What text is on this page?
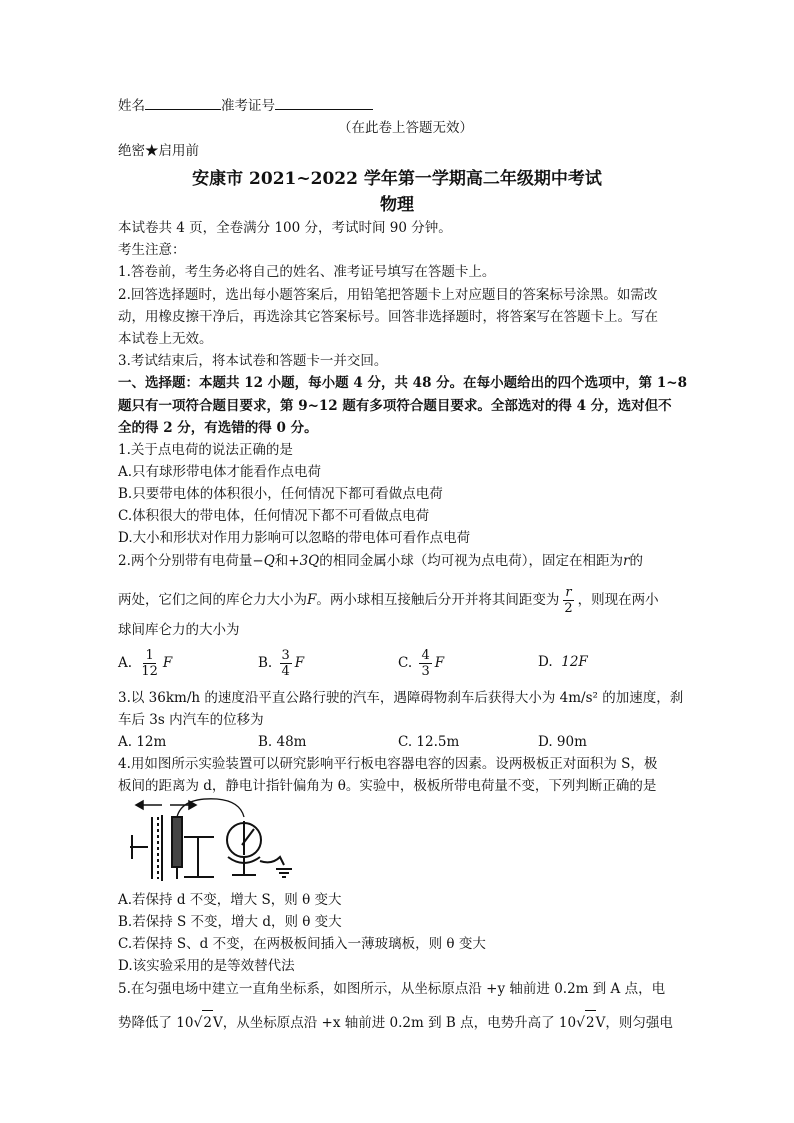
姓名	准考证号
（在此卷上答题无效）
绝密★启用前
安康市 2021~2022 学年第一学期高二年级期中考试
物理
本试卷共 4 页，全卷满分 100 分，考试时间 90 分钟。
考生注意：
1.答卷前，考生务必将自己的姓名、准考证号填写在答题卡上。
2.回答选择题时，选出每小题答案后，用铅笔把答题卡上对应题目的答案标号涂黑。如需改
动，用橡皮擦干净后，再选涂其它答案标号。回答非选择题时，将答案写在答题卡上。写在
本试卷上无效。
3.考试结束后，将本试卷和答题卡一并交回。
一、选择题：本题共 12 小题，每小题 4 分，共 48 分。在每小题给出的四个选项中，第 1~8
题只有一项符合题目要求，第 9~12 题有多项符合题目要求。全部选对的得 4 分，选对但不
全的得 2 分，有选错的得 0 分。
1.关于点电荷的说法正确的是
A.只有球形带电体才能看作点电荷
B.只要带电体的体积很小，任何情况下都可看做点电荷
C.体积很大的带电体，任何情况下都不可看做点电荷
D.大小和形状对作用力影响可以忽略的带电体可看作点电荷
2.两个分别带有电荷量−Q和+3Q的相同金属小球（均可视为点电荷），固定在相距为r的
两处，它们之间的库仑力大小为F。两小球相互接触后分开并将其间距变为 $\frac{r}{2}$ ，则现在两小
球间库仑力的大小为
A. $\frac{1}{12}$ F	B. $\frac{3}{4}$ F	C. $\frac{4}{3}$ F	D. 12F
3.以 36km/h 的速度沿平直公路行驶的汽车，遇障碍物刹车后获得大小为 4m/s² 的加速度，刹
车后 3s 内汽车的位移为
A. 12m	B. 48m	C. 12.5m	D. 90m
4.用如图所示实验装置可以研究影响平行板电容器电容的因素。设两极板正对面积为 S，极
板间的距离为 d，静电计指针偏角为 θ。实验中，极板所带电荷量不变，下列判断正确的是
A.若保持 d 不变，增大 S，则 θ 变大
B.若保持 S 不变，增大 d，则 θ 变大
C.若保持 S、d 不变，在两极板间插入一薄玻璃板，则 θ 变大
D.该实验采用的是等效替代法
5.在匀强电场中建立一直角坐标系，如图所示，从坐标原点沿 +y 轴前进 0.2m 到 A 点，电
势降低了 10√2V，从坐标原点沿 +x 轴前进 0.2m 到 B 点，电势升高了 10√2V，则匀强电
